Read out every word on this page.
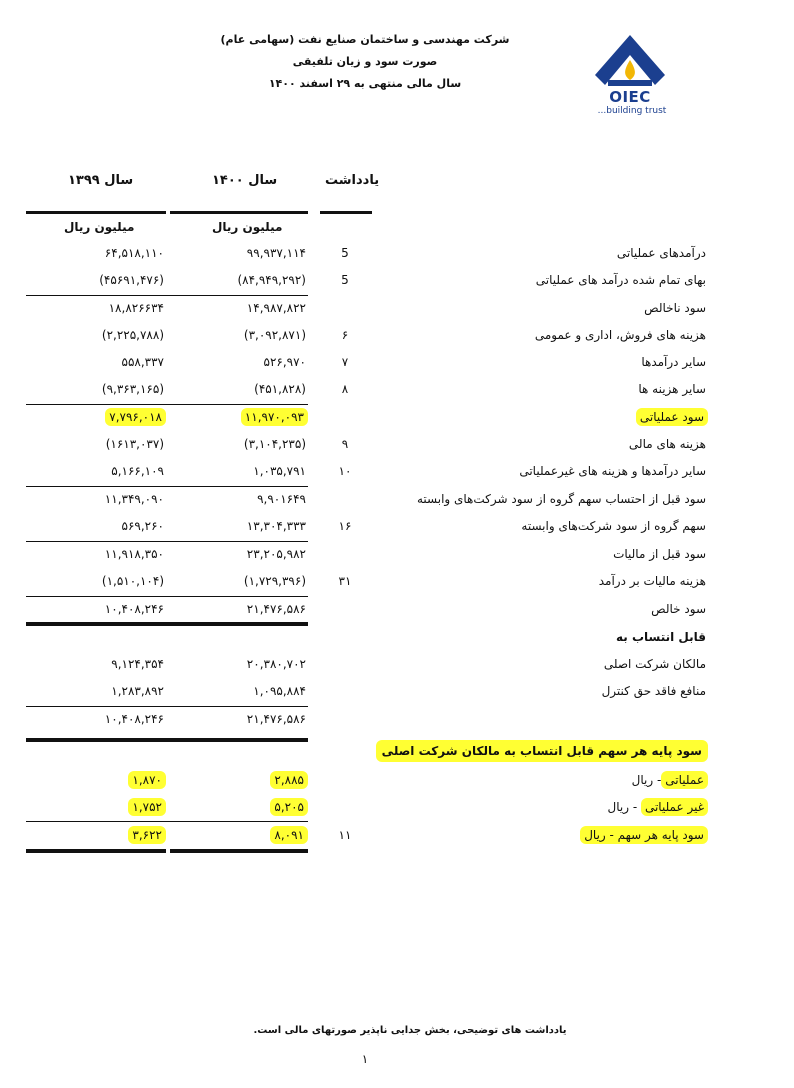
شرکت مهندسی و ساختمان صنایع نفت (سهامی عام)
صورت سود و زیان تلفیقی
سال مالی منتهی به ۲۹ اسفند ۱۴۰۰
OIEC
...building trust
یادداشت
سال ۱۴۰۰
سال ۱۳۹۹
میلیون ریال
میلیون ریال
درآمدهای عملیاتی
5
۹۹,۹۳۷,۱۱۴
۶۴,۵۱۸,۱۱۰
بهای تمام شده درآمد های عملیاتی
5
(۸۴,۹۴۹,۲۹۲)
(۴۵۶۹۱,۴۷۶)
سود ناخالص
۱۴,۹۸۷,۸۲۲
۱۸,۸۲۶۶۳۴
هزینه های فروش، اداری و عمومی
۶
(۳,۰۹۲,۸۷۱)
(۲,۲۲۵,۷۸۸)
سایر درآمدها
۷
۵۲۶,۹۷۰
۵۵۸,۳۳۷
سایر هزینه ها
۸
(۴۵۱,۸۲۸)
(۹,۳۶۳,۱۶۵)
سود عملیاتی
۱۱,۹۷۰,۰۹۳
۷,۷۹۶,۰۱۸
هزینه های مالی
۹
(۳,۱۰۴,۲۳۵)
(۱۶۱۳,۰۳۷)
سایر درآمدها و هزینه های غیرعملیاتی
۱۰
۱,۰۳۵,۷۹۱
۵,۱۶۶,۱۰۹
سود قبل از احتساب سهم گروه از سود شرکت‌های وابسته
۹,۹۰۱۶۴۹
۱۱,۳۴۹,۰۹۰
سهم گروه از سود شرکت‌های وابسته
۱۶
۱۳,۳۰۴,۳۳۳
۵۶۹,۲۶۰
سود قبل از مالیات
۲۳,۲۰۵,۹۸۲
۱۱,۹۱۸,۳۵۰
هزینه مالیات بر درآمد
۳۱
(۱,۷۲۹,۳۹۶)
(۱,۵۱۰,۱۰۴)
سود خالص
۲۱,۴۷۶,۵۸۶
۱۰,۴۰۸,۲۴۶
قابل انتساب به
مالکان شرکت اصلی
۲۰,۳۸۰,۷۰۲
۹,۱۲۴,۳۵۴
منافع فاقد حق کنترل
۱,۰۹۵,۸۸۴
۱,۲۸۳,۸۹۲
۲۱,۴۷۶,۵۸۶
۱۰,۴۰۸,۲۴۶
سود پایه هر سهم قابل انتساب به مالکان شرکت اصلی
عملیاتی- ریال
۲,۸۸۵
۱,۸۷۰
غیر عملیاتی - ریال
۵,۲۰۵
۱,۷۵۲
سود پایه هر سهم - ریال
۱۱
۸,۰۹۱
۳,۶۲۲
یادداشت های توضیحی، بخش جدایی ناپذیر صورتهای مالی است.
۱
